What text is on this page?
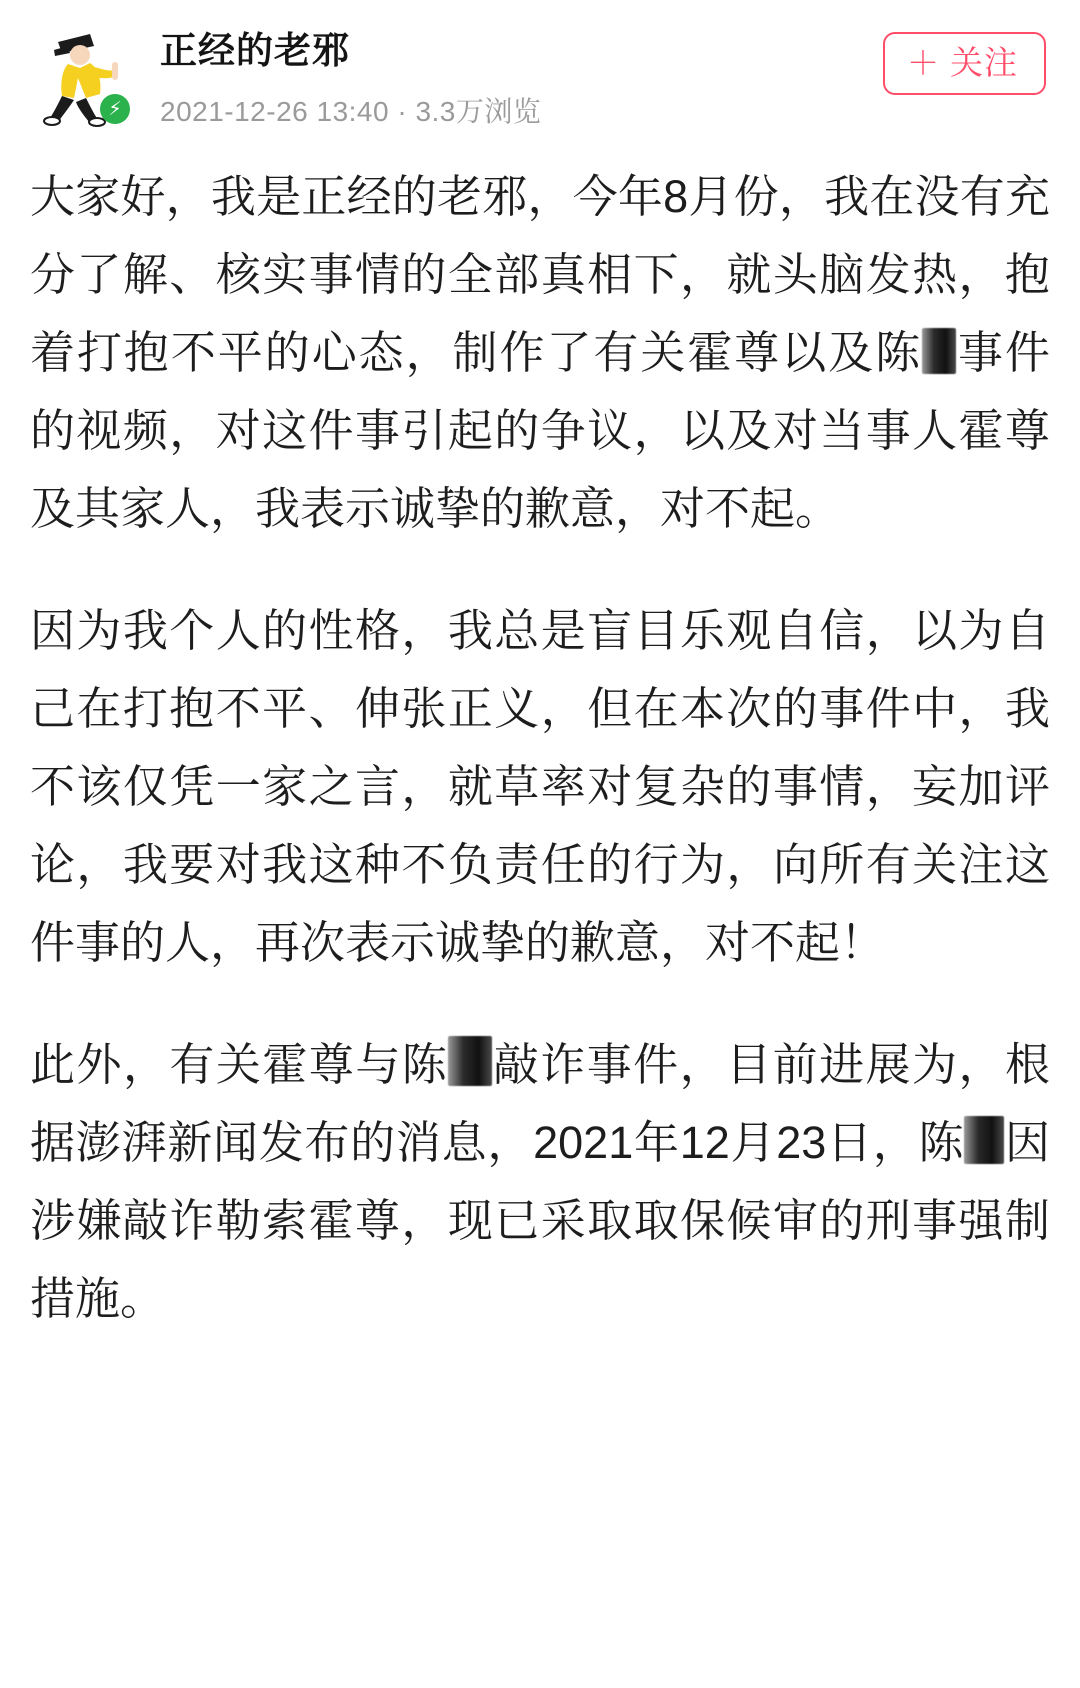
⚡
正经的老邪
2021-12-26 13:40 · 3.3万浏览
＋ 关注

大家好，我是正经的老邪，今年8月份，我在没有充分了解、核实事情的全部真相下，就头脑发热，抱着打抱不平的心态，制作了有关霍尊以及陈 事件的视频，对这件事引起的争议，以及对当事人霍尊及其家人，我表示诚挚的歉意，对不起。

因为我个人的性格，我总是盲目乐观自信，以为自己在打抱不平、伸张正义，但在本次的事件中，我不该仅凭一家之言，就草率对复杂的事情，妄加评论，我要对我这种不负责任的行为，向所有关注这件事的人，再次表示诚挚的歉意，对不起！

此外，有关霍尊与陈 敲诈事件，目前进展为，根据澎湃新闻发布的消息，2021年12月23日，陈 因涉嫌敲诈勒索霍尊，现已采取取保候审的刑事强制措施。
